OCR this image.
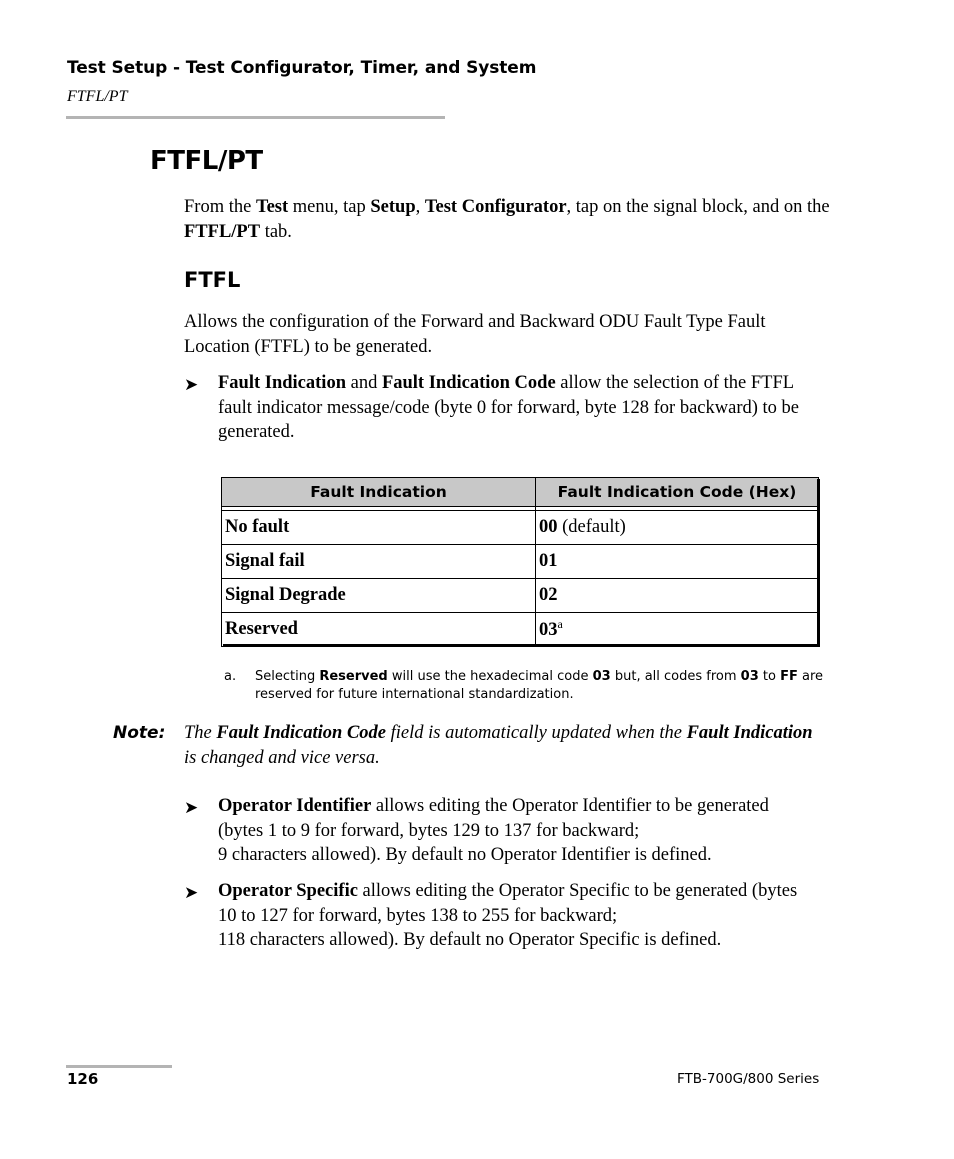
Test Setup - Test Configurator, Timer, and System
FTFL/PT
FTFL/PT
From the Test menu, tap Setup, Test Configurator, tap on the signal block, and on the FTFL/PT tab.
FTFL
Allows the configuration of the Forward and Backward ODU Fault Type Fault Location (FTFL) to be generated.
➤ Fault Indication and Fault Indication Code allow the selection of the FTFL fault indicator message/code (byte 0 for forward, byte 128 for backward) to be generated.
Fault Indication	Fault Indication Code (Hex)

No fault	00 (default)
Signal fail	01
Signal Degrade	02
Reserved	03$^a$
a. Selecting Reserved will use the hexadecimal code 03 but, all codes from 03 to FF are reserved for future international standardization.
Note: The Fault Indication Code field is automatically updated when the Fault Indication is changed and vice versa.
➤ Operator Identifier allows editing the Operator Identifier to be generated (bytes 1 to 9 for forward, bytes 129 to 137 for backward;
9 characters allowed). By default no Operator Identifier is defined.
➤ Operator Specific allows editing the Operator Specific to be generated (bytes 10 to 127 for forward, bytes 138 to 255 for backward;
118 characters allowed). By default no Operator Specific is defined.
126	FTB-700G/800 Series
